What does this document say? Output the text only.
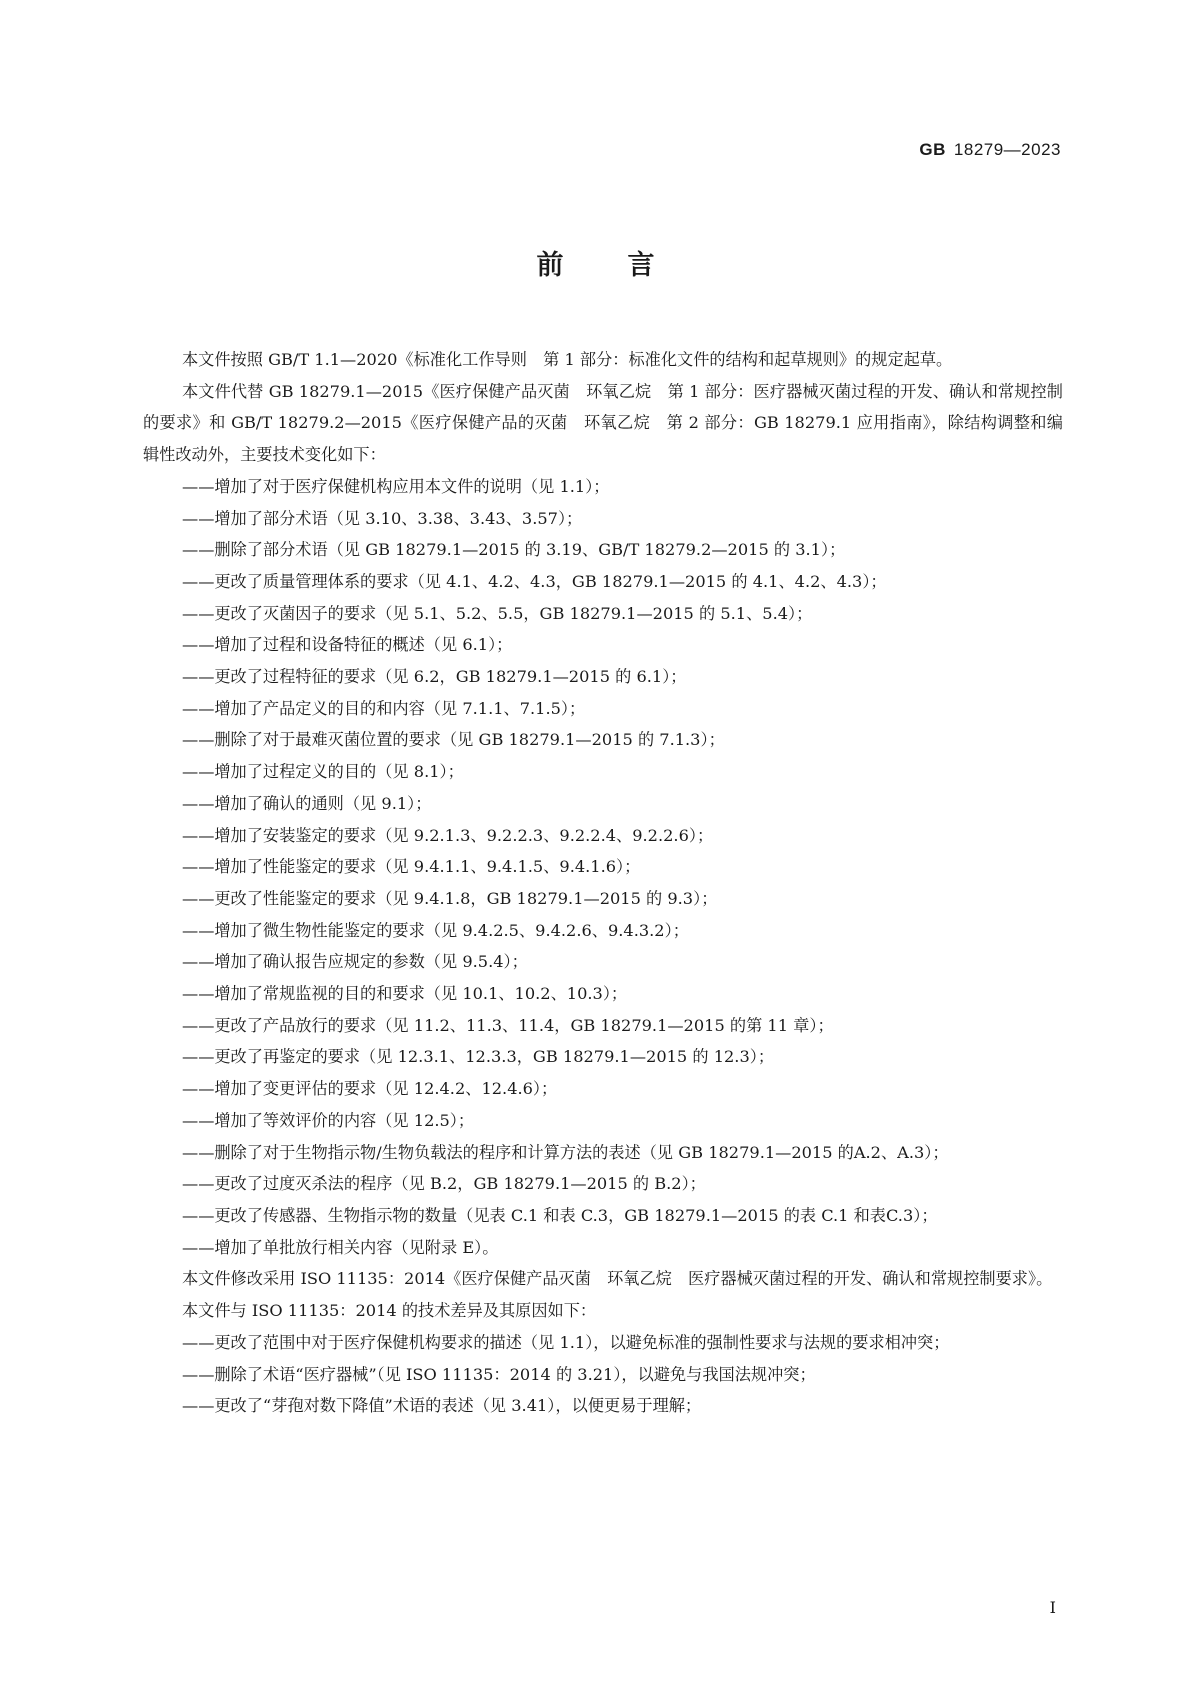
GB 18279—2023
前言

本文件按照 GB/T 1.1—2020《标准化工作导则　第 1 部分：标准化文件的结构和起草规则》的规定起草。

本文件代替 GB 18279.1—2015《医疗保健产品灭菌　环氧乙烷　第 1 部分：医疗器械灭菌过程的开发、确认和常规控制的要求》和 GB/T 18279.2—2015《医疗保健产品的灭菌　环氧乙烷　第 2 部分：GB 18279.1 应用指南》，除结构调整和编辑性改动外，主要技术变化如下：

——增加了对于医疗保健机构应用本文件的说明（见 1.1）；

——增加了部分术语（见 3.10、3.38、3.43、3.57）；

——删除了部分术语（见 GB 18279.1—2015 的 3.19、GB/T 18279.2—2015 的 3.1）；

——更改了质量管理体系的要求（见 4.1、4.2、4.3，GB 18279.1—2015 的 4.1、4.2、4.3）；

——更改了灭菌因子的要求（见 5.1、5.2、5.5，GB 18279.1—2015 的 5.1、5.4）；

——增加了过程和设备特征的概述（见 6.1）；

——更改了过程特征的要求（见 6.2，GB 18279.1—2015 的 6.1）；

——增加了产品定义的目的和内容（见 7.1.1、7.1.5）；

——删除了对于最难灭菌位置的要求（见 GB 18279.1—2015 的 7.1.3）；

——增加了过程定义的目的（见 8.1）；

——增加了确认的通则（见 9.1）；

——增加了安装鉴定的要求（见 9.2.1.3、9.2.2.3、9.2.2.4、9.2.2.6）；

——增加了性能鉴定的要求（见 9.4.1.1、9.4.1.5、9.4.1.6）；

——更改了性能鉴定的要求（见 9.4.1.8，GB 18279.1—2015 的 9.3）；

——增加了微生物性能鉴定的要求（见 9.4.2.5、9.4.2.6、9.4.3.2）；

——增加了确认报告应规定的参数（见 9.5.4）；

——增加了常规监视的目的和要求（见 10.1、10.2、10.3）；

——更改了产品放行的要求（见 11.2、11.3、11.4，GB 18279.1—2015 的第 11 章）；

——更改了再鉴定的要求（见 12.3.1、12.3.3，GB 18279.1—2015 的 12.3）；

——增加了变更评估的要求（见 12.4.2、12.4.6）；

——增加了等效评价的内容（见 12.5）；

——删除了对于生物指示物/生物负载法的程序和计算方法的表述（见 GB 18279.1—2015 的A.2、A.3）；

——更改了过度灭杀法的程序（见 B.2，GB 18279.1—2015 的 B.2）；

——更改了传感器、生物指示物的数量（见表 C.1 和表 C.3，GB 18279.1—2015 的表 C.1 和表C.3）；

——增加了单批放行相关内容（见附录 E）。

本文件修改采用 ISO 11135：2014《医疗保健产品灭菌　环氧乙烷　医疗器械灭菌过程的开发、确认和常规控制要求》。

本文件与 ISO 11135：2014 的技术差异及其原因如下：

——更改了范围中对于医疗保健机构要求的描述（见 1.1），以避免标准的强制性要求与法规的要求相冲突；

——删除了术语“医疗器械”（见 ISO 11135：2014 的 3.21），以避免与我国法规冲突；

——更改了“芽孢对数下降值”术语的表述（见 3.41），以便更易于理解；

I
